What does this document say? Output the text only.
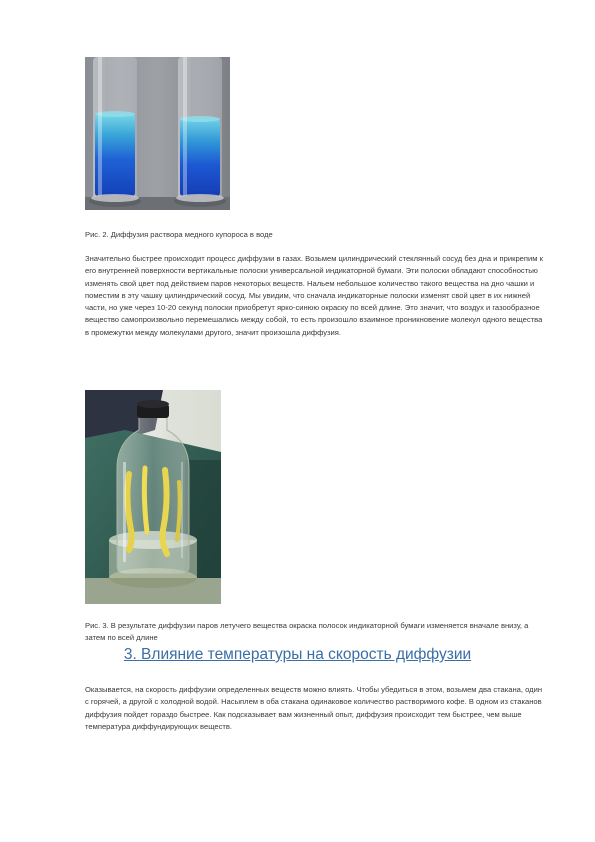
Рис. 2. Диффузия раствора медного купороса в воде

Значительно быстрее происходит процесс диффузии в газах. Возьмем цилиндрический стеклянный сосуд без дна и прикрепим к его внутренней поверхности вертикальные полоски универсальной индикаторной бумаги. Эти полоски обладают способностью изменять свой цвет под действием паров некоторых веществ. Нальем небольшое количество такого вещества на дно чашки и поместим в эту чашку цилиндрический сосуд. Мы увидим, что сначала индикаторные полоски изменят свой цвет в их нижней части, но уже через 10-20 секунд полоски приобретут ярко-синюю окраску по всей длине. Это значит, что воздух и газообразное вещество самопроизвольно перемешались между собой, то есть произошло взаимное проникновение молекул одного вещества в промежутки между молекулами другого, значит произошла диффузия.

Рис. 3. В результате диффузии паров летучего вещества окраска полосок индикаторной бумаги изменяется вначале внизу, а затем по всей длине

3. Влияние температуры на скорость диффузии

Оказывается, на скорость диффузии определенных веществ можно влиять. Чтобы убедиться в этом, возьмем два стакана, один с горячей, а другой с холодной водой. Насыплем в оба стакана одинаковое количество растворимого кофе. В одном из стаканов диффузия пойдет гораздо быстрее. Как подсказывает вам жизненный опыт, диффузия происходит тем быстрее, чем выше температура диффундирующих веществ.
